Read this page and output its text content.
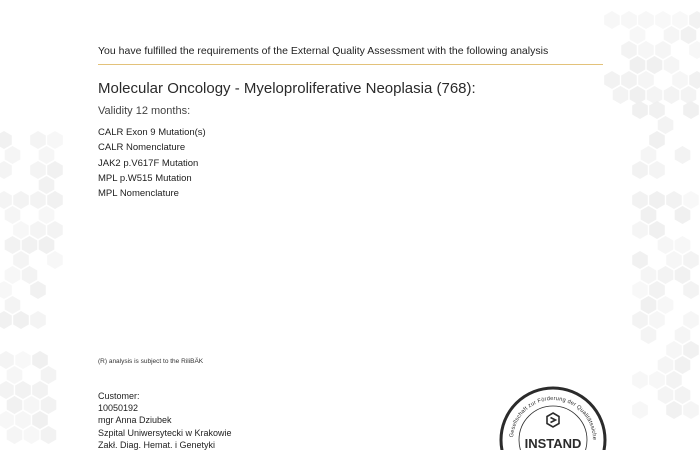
You have fulfilled the requirements of the External Quality Assessment with the following analysis
Molecular Oncology - Myeloproliferative Neoplasia (768):
Validity 12 months:
CALR Exon 9 Mutation(s)
CALR Nomenclature
JAK2 p.V617F Mutation
MPL p.W515 Mutation
MPL Nomenclature
(R) analysis is subject to the RiliBÄK
Customer:
10050192
mgr Anna Dziubek
Szpital Uniwersytecki w Krakowie
Zakł. Diag. Hemat. i Genetyki
Gesellschaft zur Förderung der Qualitätssiche
INSTAND
